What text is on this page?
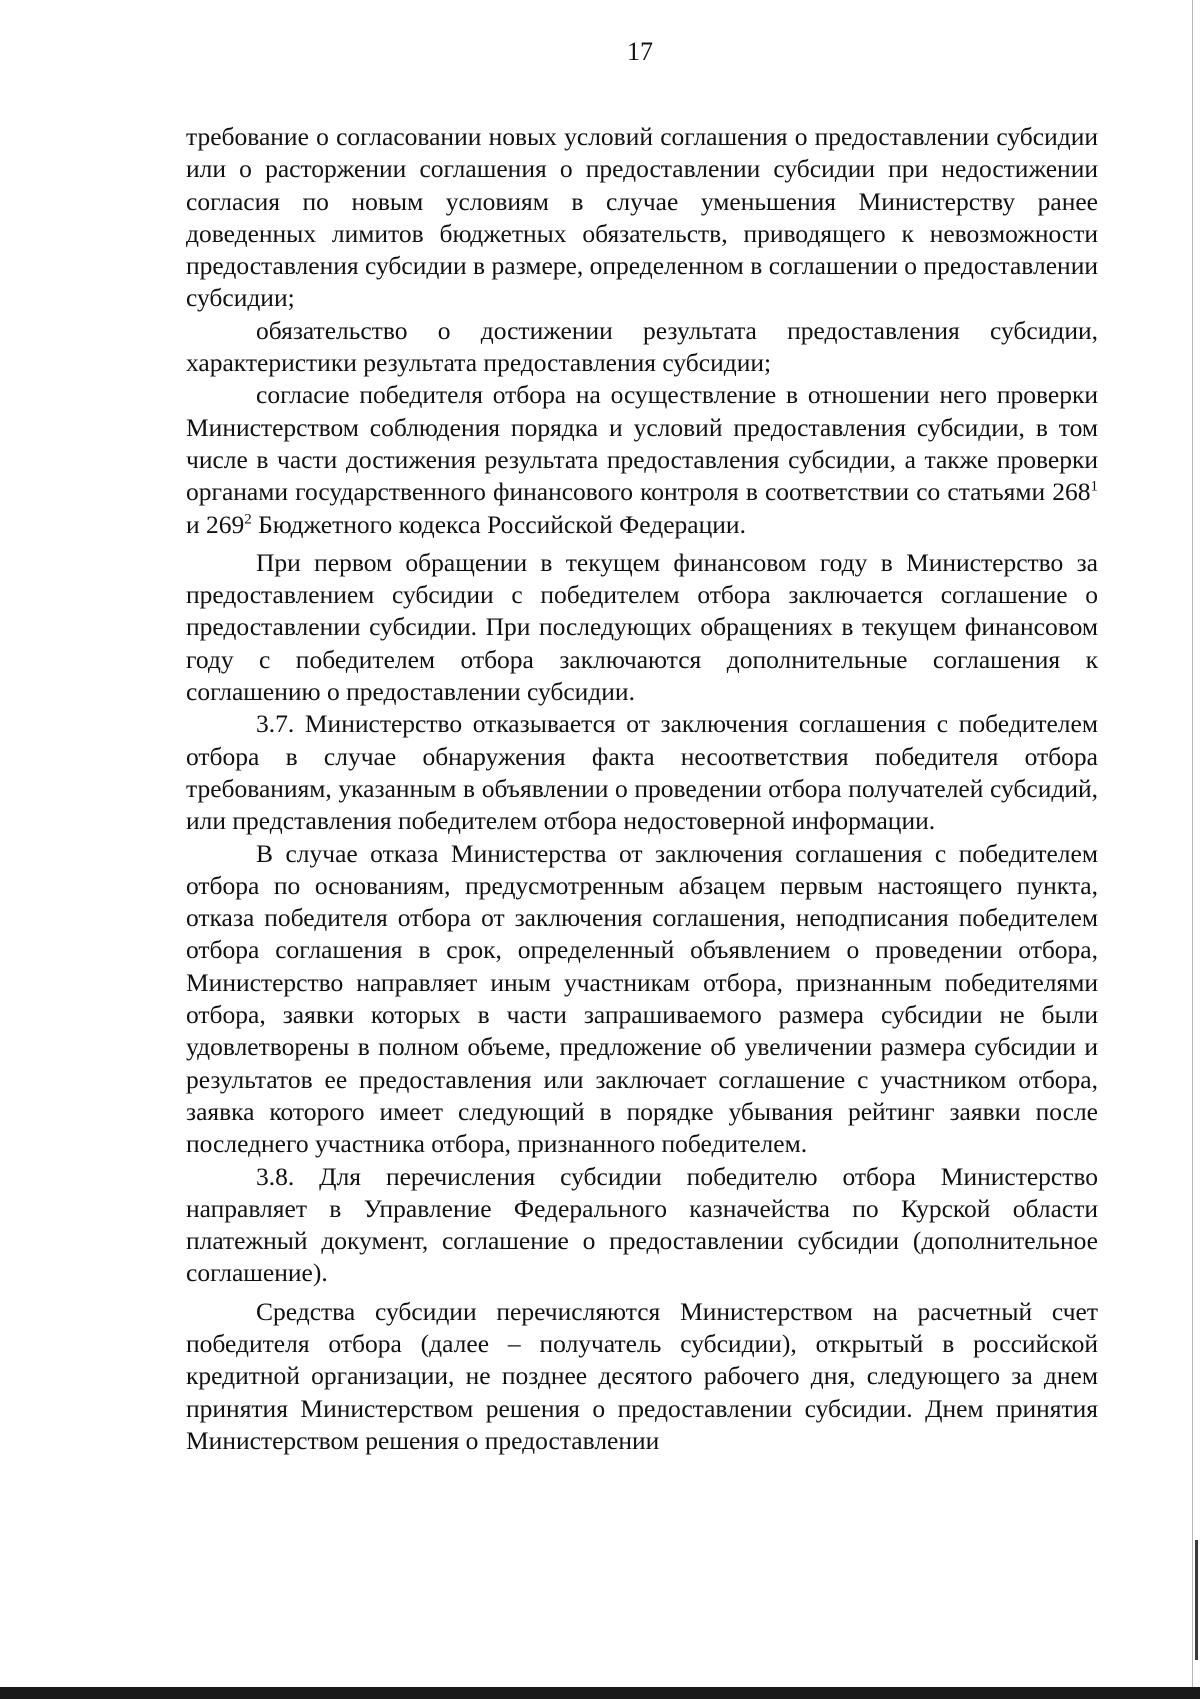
17

требование о согласовании новых условий соглашения о предоставлении субсидии или о расторжении соглашения о предоставлении субсидии при недостижении согласия по новым условиям в случае уменьшения Министерству ранее доведенных лимитов бюджетных обязательств, приводящего к невозможности предоставления субсидии в размере, определенном в соглашении о предоставлении субсидии;

обязательство о достижении результата предоставления субсидии, характеристики результата предоставления субсидии;

согласие победителя отбора на осуществление в отношении него проверки Министерством соблюдения порядка и условий предоставления субсидии, в том числе в части достижения результата предоставления субсидии, а также проверки органами государственного финансового контроля в соответствии со статьями $268^1$ и $269^2$ Бюджетного кодекса Российской Федерации.

При первом обращении в текущем финансовом году в Министерство за предоставлением субсидии с победителем отбора заключается соглашение о предоставлении субсидии. При последующих обращениях в текущем финансовом году с победителем отбора заключаются дополнительные соглашения к соглашению о предоставлении субсидии.

3.7. Министерство отказывается от заключения соглашения с победителем отбора в случае обнаружения факта несоответствия победителя отбора требованиям, указанным в объявлении о проведении отбора получателей субсидий, или представления победителем отбора недостоверной информации.

В случае отказа Министерства от заключения соглашения с победителем отбора по основаниям, предусмотренным абзацем первым настоящего пункта, отказа победителя отбора от заключения соглашения, неподписания победителем отбора соглашения в срок, определенный объявлением о проведении отбора, Министерство направляет иным участникам отбора, признанным победителями отбора, заявки которых в части запрашиваемого размера субсидии не были удовлетворены в полном объеме, предложение об увеличении размера субсидии и результатов ее предоставления или заключает соглашение с участником отбора, заявка которого имеет следующий в порядке убывания рейтинг заявки после последнего участника отбора, признанного победителем.

3.8. Для перечисления субсидии победителю отбора Министерство направляет в Управление Федерального казначейства по Курской области платежный документ, соглашение о предоставлении субсидии (дополнительное соглашение).

Средства субсидии перечисляются Министерством на расчетный счет победителя отбора (далее – получатель субсидии), открытый в российской кредитной организации, не позднее десятого рабочего дня, следующего за днем принятия Министерством решения о предоставлении субсидии. Днем принятия Министерством решения о предоставлении
